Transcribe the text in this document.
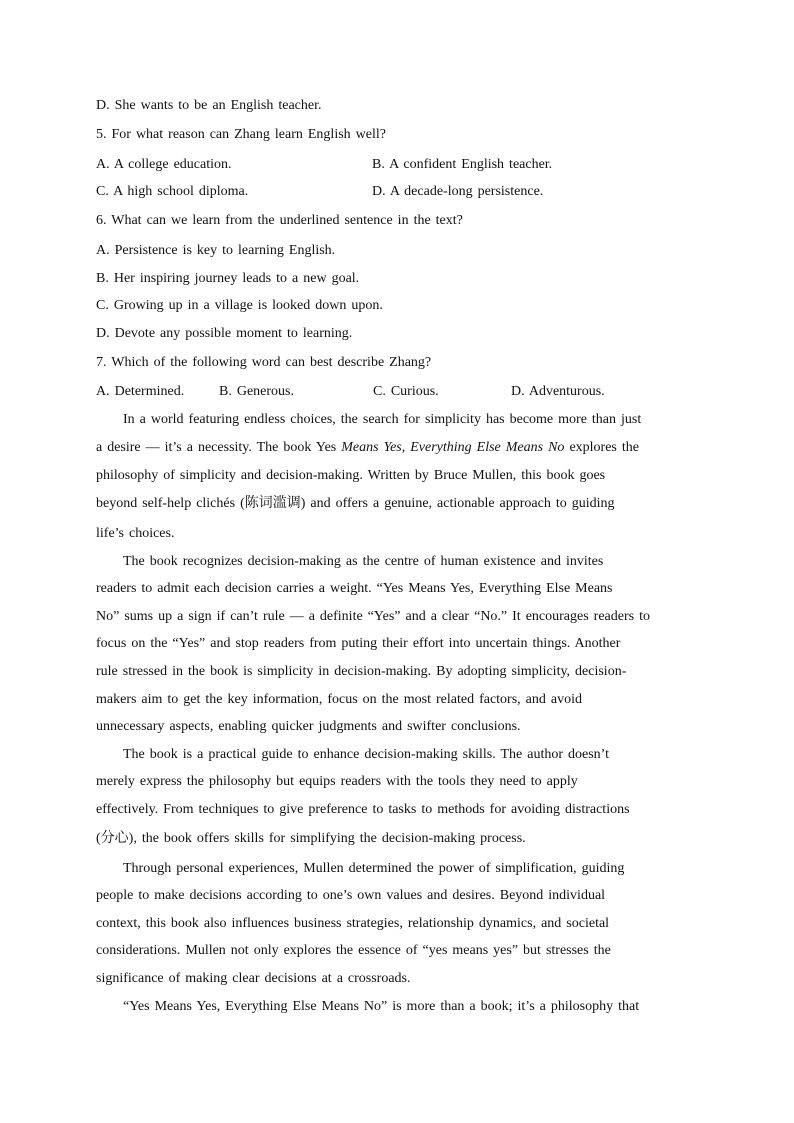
D. She wants to be an English teacher.
5. For what reason can Zhang learn English well?
A. A college education.	B. A confident English teacher.
C. A high school diploma.	D. A decade-long persistence.
6. What can we learn from the underlined sentence in the text?
A. Persistence is key to learning English.
B. Her inspiring journey leads to a new goal.
C. Growing up in a village is looked down upon.
D. Devote any possible moment to learning.
7. Which of the following word can best describe Zhang?
A. Determined. B. Generous.	C. Curious.	D. Adventurous.
In a world featuring endless choices, the search for simplicity has become more than just
a desire — it’s a necessity. The book Yes Means Yes, Everything Else Means No explores the
philosophy of simplicity and decision-making. Written by Bruce Mullen, this book goes
beyond self-help clichés (陈词滥调) and offers a genuine, actionable approach to guiding
life’s choices.
The book recognizes decision-making as the centre of human existence and invites
readers to admit each decision carries a weight. “Yes Means Yes, Everything Else Means
No” sums up a sign if can’t rule — a definite “Yes” and a clear “No.” It encourages readers to
focus on the “Yes” and stop readers from puting their effort into uncertain things. Another
rule stressed in the book is simplicity in decision-making. By adopting simplicity, decision-
makers aim to get the key information, focus on the most related factors, and avoid
unnecessary aspects, enabling quicker judgments and swifter conclusions.
The book is a practical guide to enhance decision-making skills. The author doesn’t
merely express the philosophy but equips readers with the tools they need to apply
effectively. From techniques to give preference to tasks to methods for avoiding distractions
(分心), the book offers skills for simplifying the decision-making process.
Through personal experiences, Mullen determined the power of simplification, guiding
people to make decisions according to one’s own values and desires. Beyond individual
context, this book also influences business strategies, relationship dynamics, and societal
considerations. Mullen not only explores the essence of “yes means yes” but stresses the
significance of making clear decisions at a crossroads.
“Yes Means Yes, Everything Else Means No” is more than a book; it’s a philosophy that
